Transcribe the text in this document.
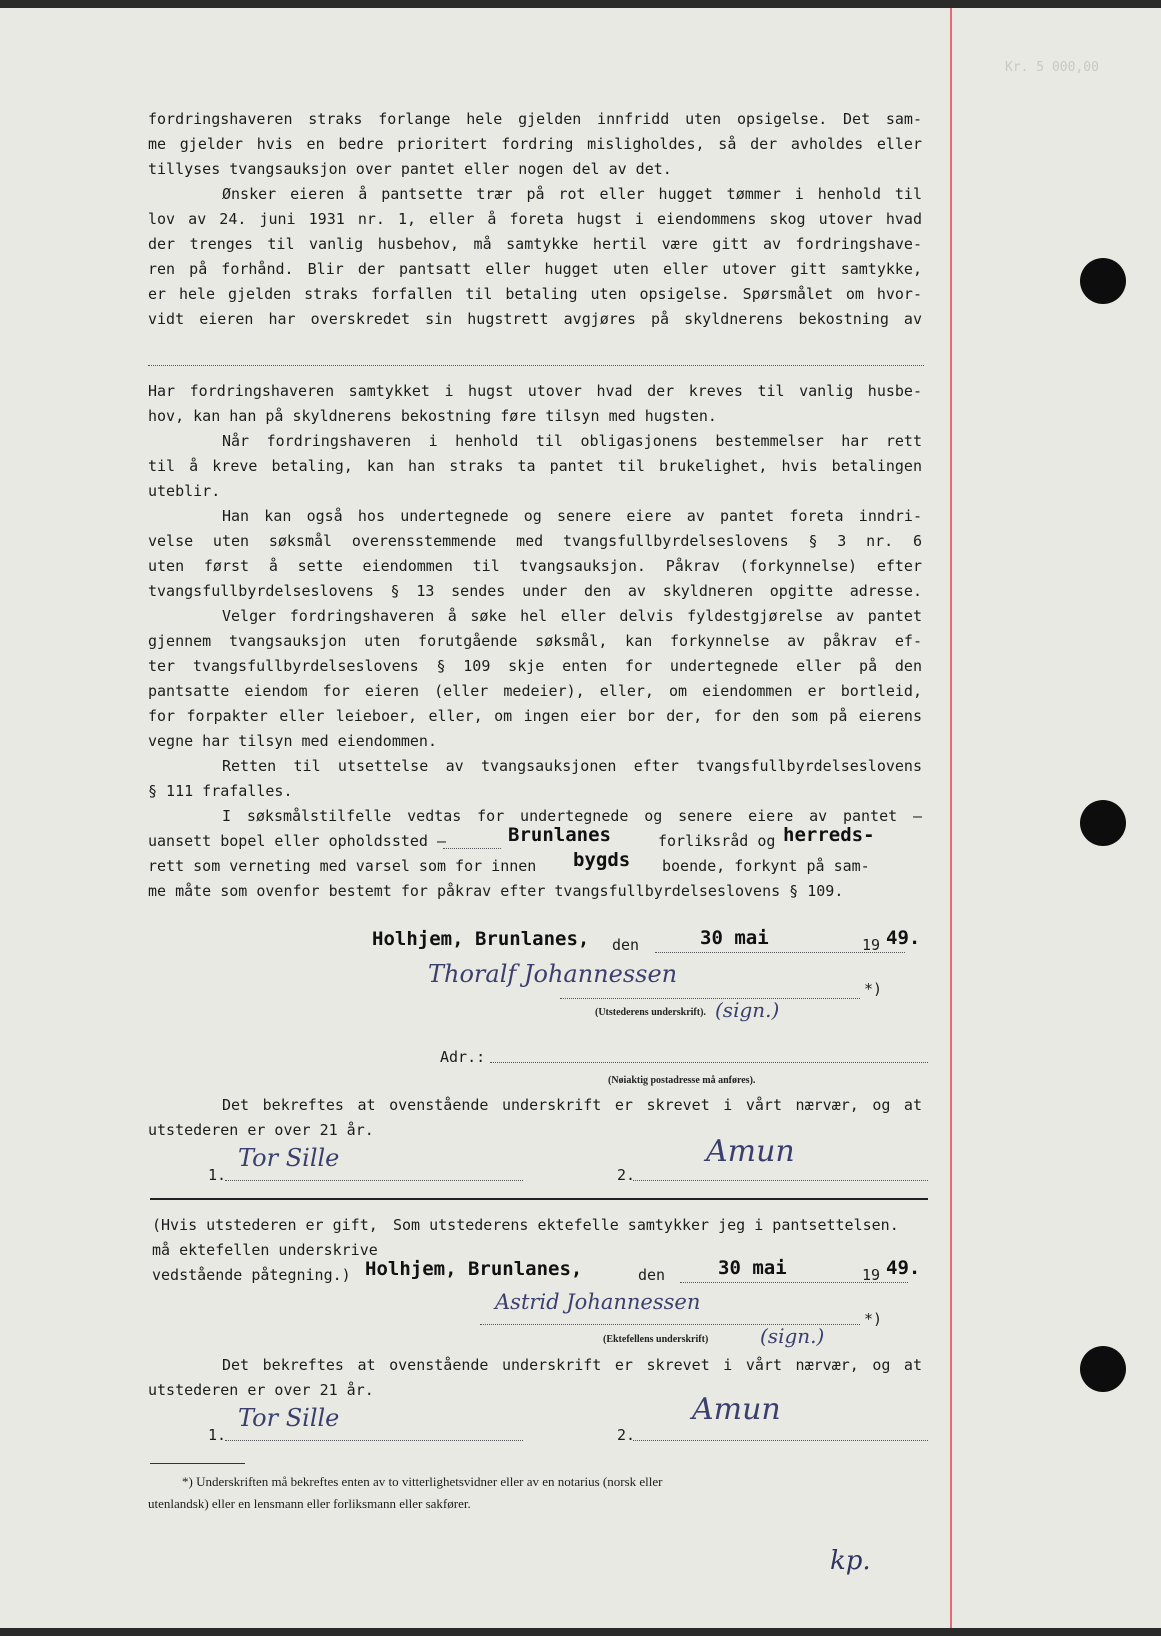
Kr. 5 000,00

fordringshaveren straks forlange hele gjelden innfridd uten opsigelse. Det sam-

me gjelder hvis en bedre prioritert fordring misligholdes, så der avholdes eller

tillyses tvangsauksjon over pantet eller nogen del av det.

Ønsker eieren å pantsette trær på rot eller hugget tømmer i henhold til

lov av 24. juni 1931 nr. 1, eller å foreta hugst i eiendommens skog utover hvad

der trenges til vanlig husbehov, må samtykke hertil være gitt av fordringshave-

ren på forhånd. Blir der pantsatt eller hugget uten eller utover gitt samtykke,

er hele gjelden straks forfallen til betaling uten opsigelse. Spørsmålet om hvor-

vidt eieren har overskredet sin hugstrett avgjøres på skyldnerens bekostning av

Har fordringshaveren samtykket i hugst utover hvad der kreves til vanlig husbe-

hov, kan han på skyldnerens bekostning føre tilsyn med hugsten.

Når fordringshaveren i henhold til obligasjonens bestemmelser har rett

til å kreve betaling, kan han straks ta pantet til brukelighet, hvis betalingen

uteblir.

Han kan også hos undertegnede og senere eiere av pantet foreta inndri-

velse uten søksmål overensstemmende med tvangsfullbyrdelseslovens § 3 nr. 6

uten først å sette eiendommen til tvangsauksjon. Påkrav (forkynnelse) efter

tvangsfullbyrdelseslovens § 13 sendes under den av skyldneren opgitte adresse.

Velger fordringshaveren å søke hel eller delvis fyldestgjørelse av pantet

gjennem tvangsauksjon uten forutgående søksmål, kan forkynnelse av påkrav ef-

ter tvangsfullbyrdelseslovens § 109 skje enten for undertegnede eller på den

pantsatte eiendom for eieren (eller medeier), eller, om eiendommen er bortleid,

for forpakter eller leieboer, eller, om ingen eier bor der, for den som på eierens

vegne har tilsyn med eiendommen.

Retten til utsettelse av tvangsauksjonen efter tvangsfullbyrdelseslovens

§ 111 frafalles.

I søksmålstilfelle vedtas for undertegnede og senere eiere av pantet —

uansett bopel eller opholdssted —	Brunlanes	forliksråd og herreds-

rett som verneting med varsel som for innen bygds boende, forkynt på sam-

me måte som ovenfor bestemt for påkrav efter tvangsfullbyrdelseslovens § 109.

Holhjem, Brunlanes, den	30 mai	19 49.

Thoralf Johannessen

*)

(Utstederens underskrift). (sign.)

Adr.:

(Nøiaktig postadresse må anføres).

Det bekreftes at ovenstående underskrift er skrevet i vårt nærvær, og at

utstederen er over 21 år.

1.

Tor Sille

2.

Amun

(Hvis utstederen er gift,

må ektefellen underskrive

vedstående påtegning.)

Som utstederens ektefelle samtykker jeg i pantsettelsen.

Holhjem, Brunlanes,	den	30 mai	19 49.

Astrid Johannessen

*)

(Ektefellens underskrift)	(sign.)

Det bekreftes at ovenstående underskrift er skrevet i vårt nærvær, og at

utstederen er over 21 år.

1.

Tor Sille

2.

Amun

*) Underskriften må bekreftes enten av to vitterlighetsvidner eller av en notarius (norsk eller

utenlandsk) eller en lensmann eller forliksmann eller sakfører.

kp.
